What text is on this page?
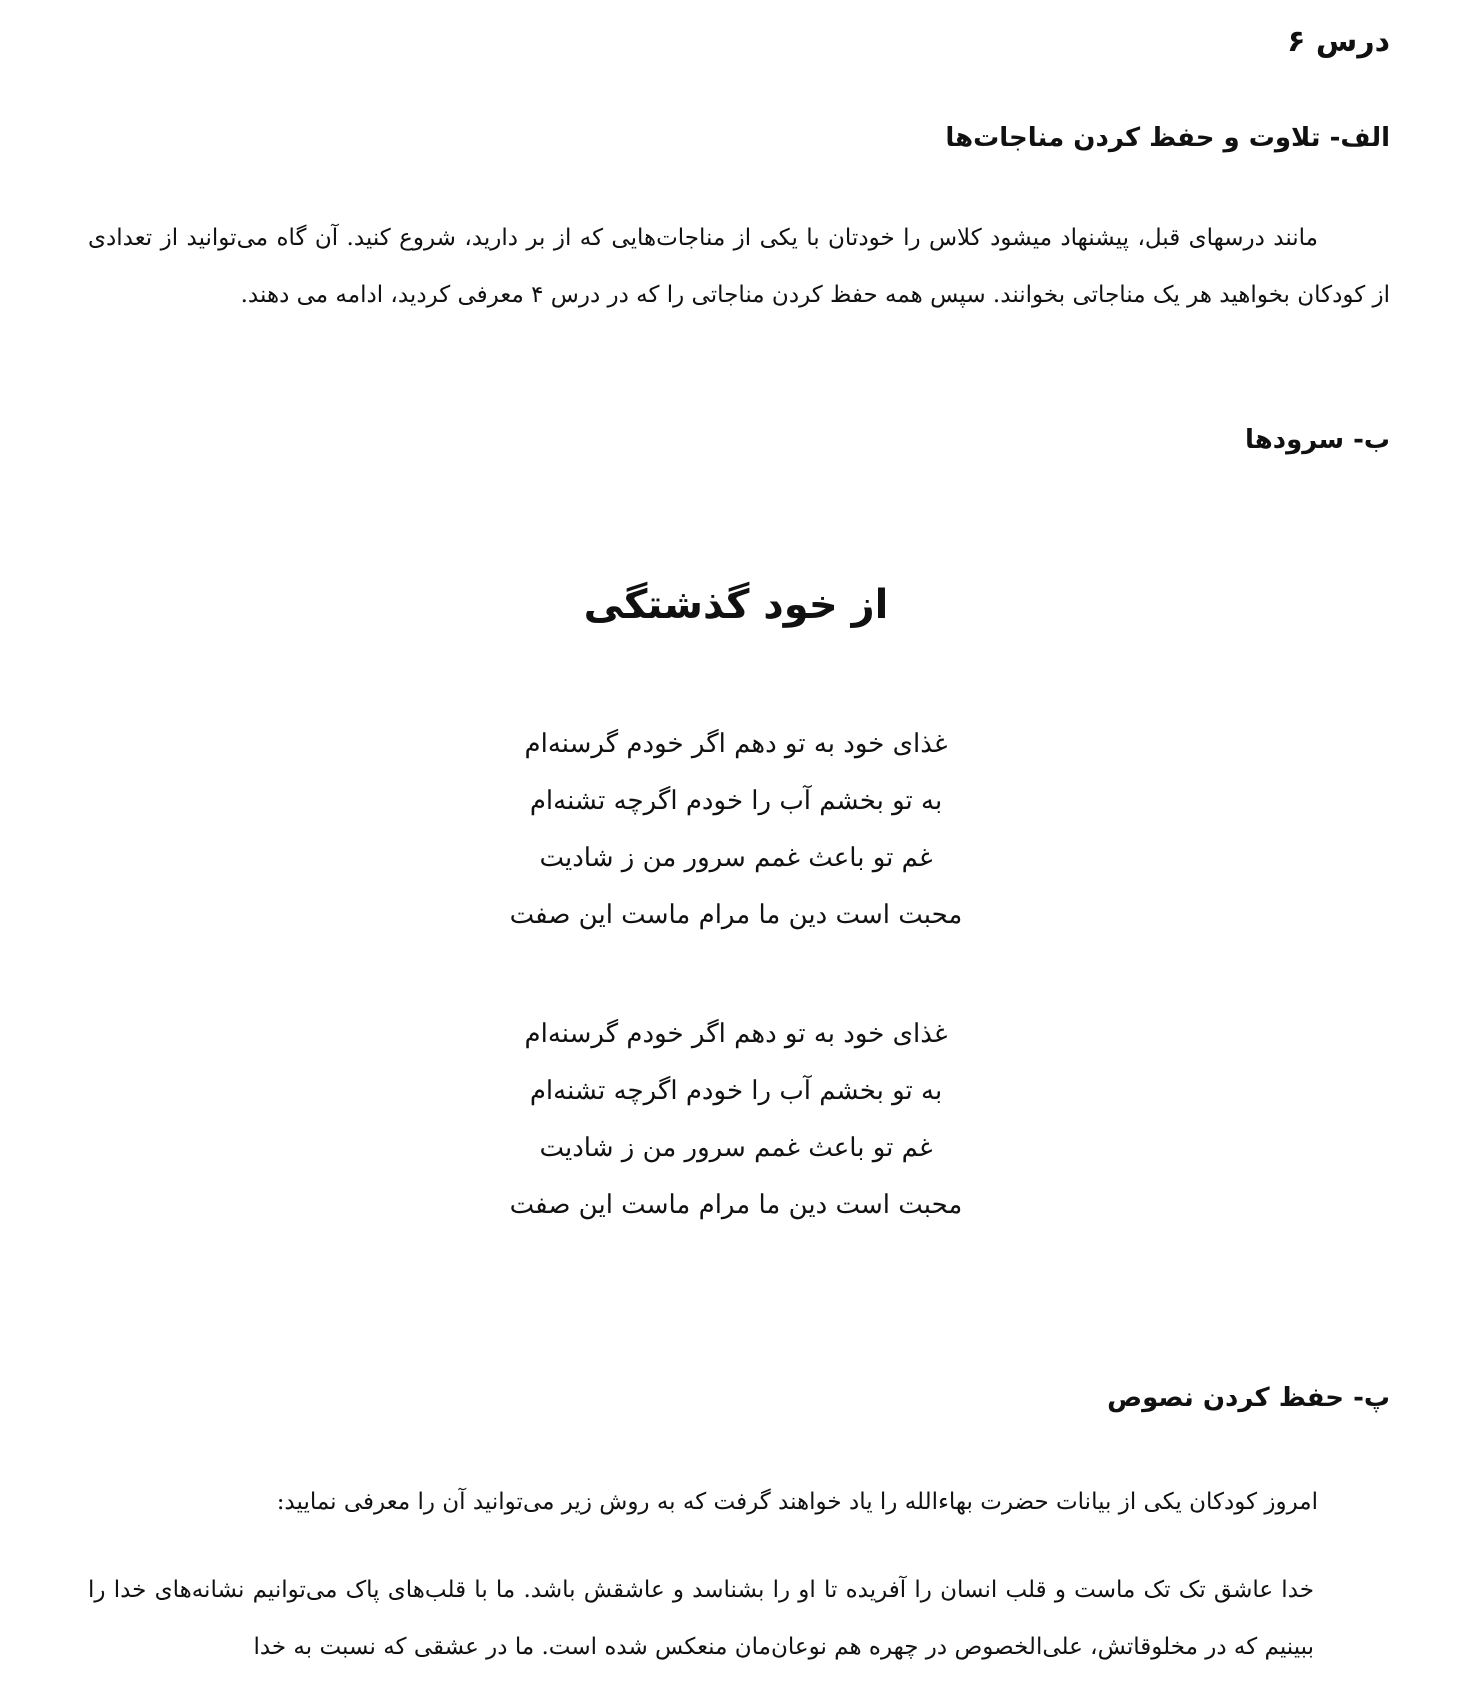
درس ۶
الف- تلاوت و حفظ کردن مناجات‌ها
مانند درسهای قبل، پیشنهاد میشود کلاس را خودتان با یکی از مناجات‌هایی که از بر دارید، شروع کنید. آن گاه می‌توانید از تعدادی از کودکان بخواهید هر یک مناجاتی بخوانند. سپس همه حفظ کردن مناجاتی را که در درس ۴ معرفی کردید، ادامه می دهند.
ب- سرودها
از خود گذشتگی
غذای خود به تو دهم اگر خودم گرسنه‌ام
به تو بخشم آب را خودم اگرچه تشنه‌ام
غم تو باعث غمم سرور من ز شادیت
محبت است دین ما مرام ماست این صفت
غذای خود به تو دهم اگر خودم گرسنه‌ام
به تو بخشم آب را خودم اگرچه تشنه‌ام
غم تو باعث غمم سرور من ز شادیت
محبت است دین ما مرام ماست این صفت
پ- حفظ کردن نصوص
امروز کودکان یکی از بیانات حضرت بهاءالله را یاد خواهند گرفت که به روش زیر می‌توانید آن را معرفی نمایید:
خدا عاشق تک تک ماست و قلب انسان را آفریده تا او را بشناسد و عاشقش باشد. ما با قلب‌های پاک می‌توانیم نشانه‌های خدا را ببینیم که در مخلوقاتش، علی‌الخصوص در چهره هم نوعان‌مان منعکس شده است. ما در عشقی که نسبت به خدا
